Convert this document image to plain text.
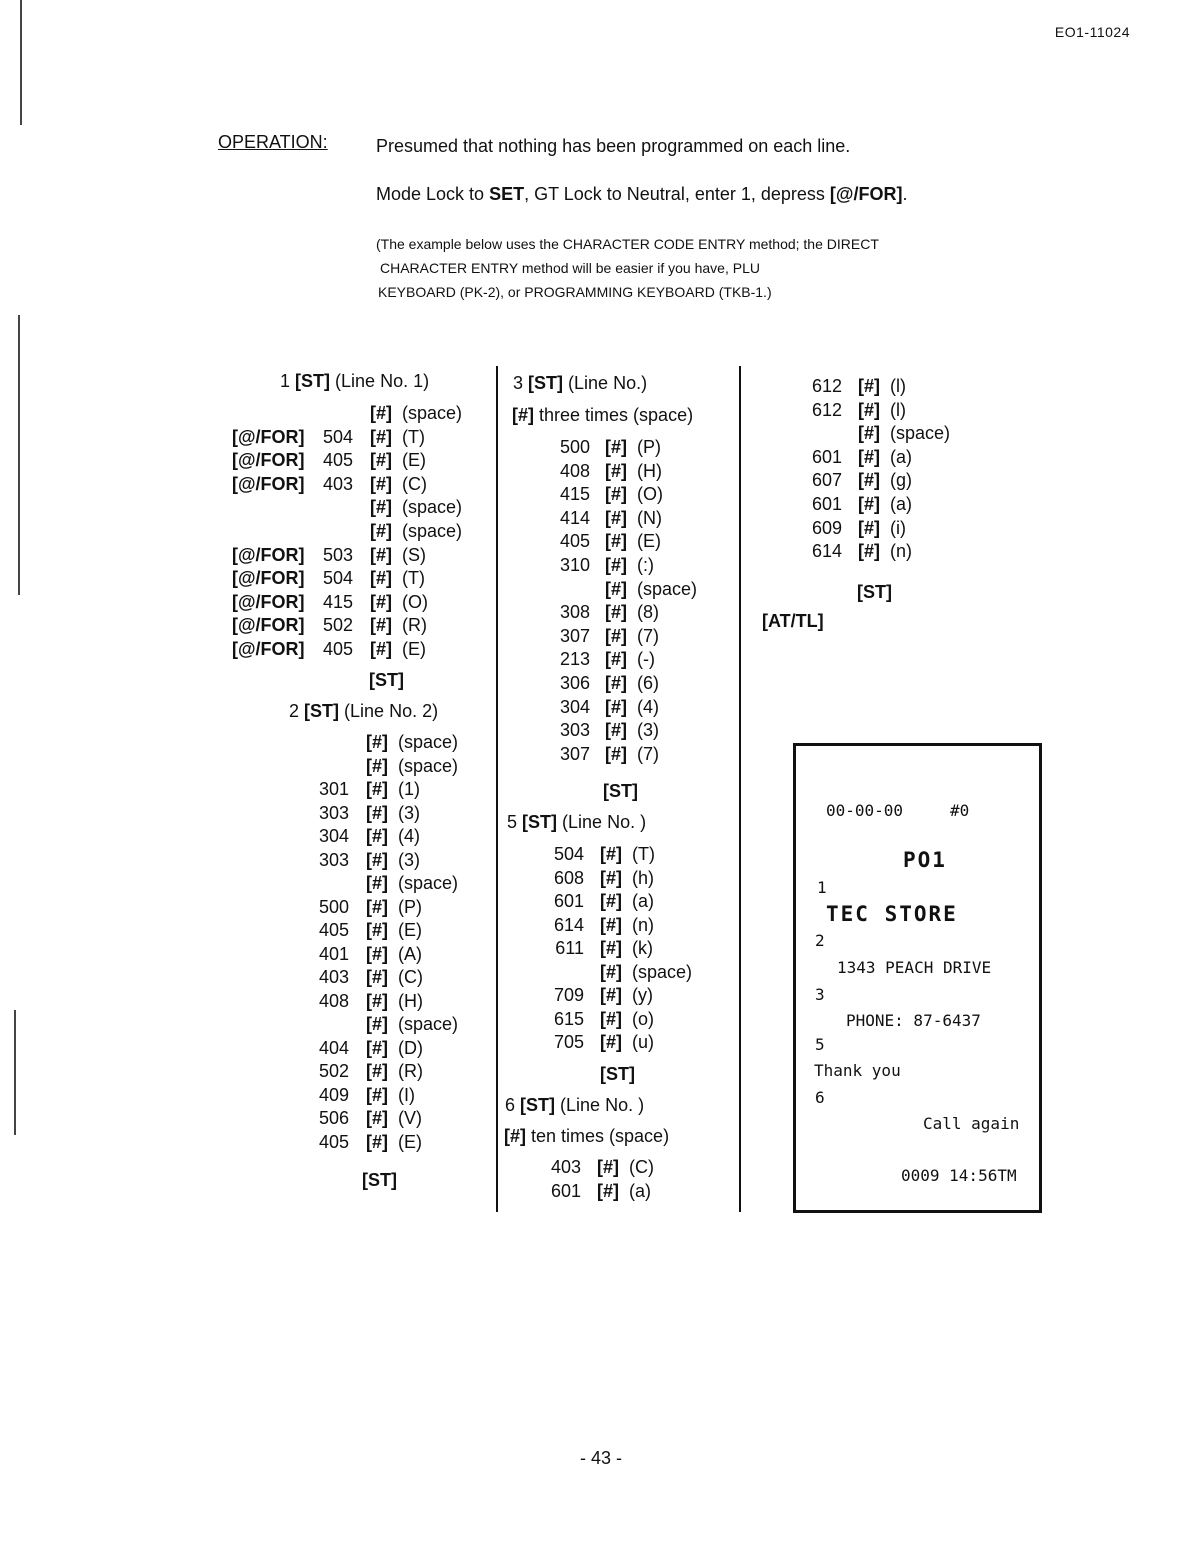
EO1-11024
OPERATION:	Presumed that nothing has been programmed on each line.
Mode Lock to SET, GT Lock to Neutral, enter 1, depress [@/FOR].
(The example below uses the CHARACTER CODE ENTRY method; the DIRECT
CHARACTER ENTRY method will be easier if you have, PLU
KEYBOARD (PK-2), or PROGRAMMING KEYBOARD (TKB-1.)
1 [ST] (Line No. 1)
[#] (space)
[@/FOR]	504 [#] (T)
[@/FOR]	405 [#] (E)
[@/FOR]	403 [#] (C)
[#] (space)
[#] (space)
[@/FOR]	503 [#] (S)
[@/FOR]	504 [#] (T)
[@/FOR]	415 [#] (O)
[@/FOR]	502 [#] (R)
[@/FOR]	405 [#] (E)
[ST]
2 [ST] (Line No. 2)
[#] (space)
[#] (space)
301 [#] (1)
303 [#] (3)
304 [#] (4)
303 [#] (3)
[#] (space)
500 [#] (P)
405 [#] (E)
401 [#] (A)
403 [#] (C)
408 [#] (H)
[#] (space)
404 [#] (D)
502 [#] (R)
409 [#] (I)
506 [#] (V)
405 [#] (E)
[ST]
3 [ST] (Line No.)
[#] three times (space)
500 [#] (P)
408 [#] (H)
415 [#] (O)
414 [#] (N)
405 [#] (E)
310 [#] (:)
[#] (space)
308 [#] (8)
307 [#] (7)
213 [#] (-)
306 [#] (6)
304 [#] (4)
303 [#] (3)
307 [#] (7)
[ST]
5 [ST] (Line No. )
504 [#] (T)
608 [#] (h)
601 [#] (a)
614 [#] (n)
611 [#] (k)
[#] (space)
709 [#] (y)
615 [#] (o)
705 [#] (u)
[ST]
6 [ST] (Line No. )
[#] ten times (space)
403 [#] (C)
601 [#] (a)
612 [#] (l)
612 [#] (l)
[#] (space)
601 [#] (a)
607 [#] (g)
601 [#] (a)
609 [#] (i)
614 [#] (n)
[ST]
[AT/TL]
00-00-00	#0
PO1
1
TEC STORE
2
1343 PEACH DRIVE
3
PHONE: 87-6437
5
Thank you
6
Call again
0009 14:56TM
- 43 -
